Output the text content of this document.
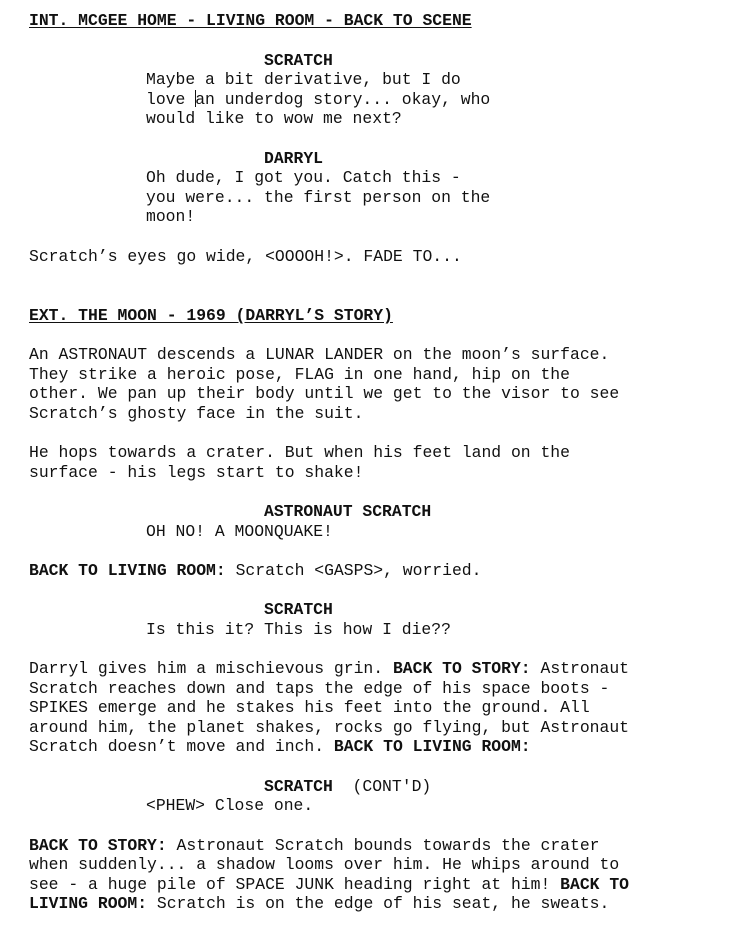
INT. MCGEE HOME - LIVING ROOM - BACK TO SCENE
SCRATCH
Maybe a bit derivative, but I do
love an underdog story... okay, who
would like to wow me next?
DARRYL
Oh dude, I got you. Catch this -
you were... the first person on the
moon!
Scratch’s eyes go wide, <OOOOH!>. FADE TO...
EXT. THE MOON - 1969 (DARRYL’S STORY)
An ASTRONAUT descends a LUNAR LANDER on the moon’s surface.
They strike a heroic pose, FLAG in one hand, hip on the
other. We pan up their body until we get to the visor to see
Scratch’s ghosty face in the suit.
He hops towards a crater. But when his feet land on the
surface - his legs start to shake!
ASTRONAUT SCRATCH
OH NO! A MOONQUAKE!
BACK TO LIVING ROOM: Scratch <GASPS>, worried.
SCRATCH
Is this it? This is how I die??
Darryl gives him a mischievous grin. BACK TO STORY: Astronaut
Scratch reaches down and taps the edge of his space boots -
SPIKES emerge and he stakes his feet into the ground. All
around him, the planet shakes, rocks go flying, but Astronaut
Scratch doesn’t move and inch. BACK TO LIVING ROOM:
SCRATCH (CONT'D)
<PHEW> Close one.
BACK TO STORY: Astronaut Scratch bounds towards the crater
when suddenly... a shadow looms over him. He whips around to
see - a huge pile of SPACE JUNK heading right at him! BACK TO
LIVING ROOM: Scratch is on the edge of his seat, he sweats.
